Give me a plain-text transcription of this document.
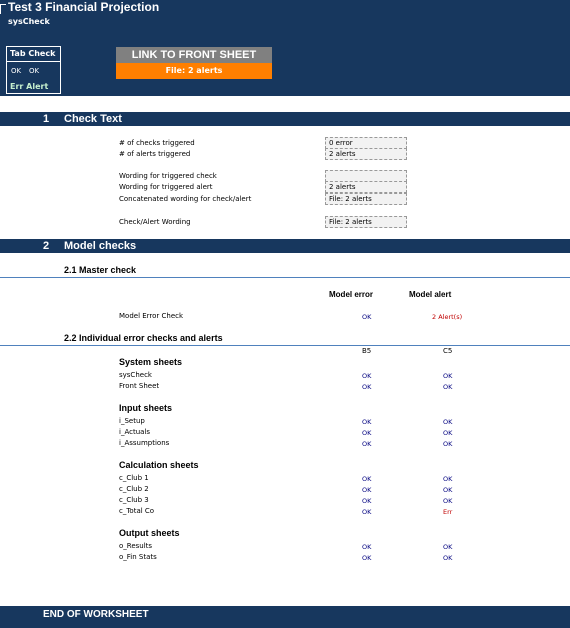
Test 3 Financial Projection
sysCheck
Tab Check
OK OK
Err Alert
LINK TO FRONT SHEET
File: 2 alerts
1 Check Text
# of checks triggered	0 error
# of alerts triggered	2 alerts
Wording for triggered check
Wording for triggered alert	2 alerts
Concatenated wording for check/alert	File: 2 alerts
Check/Alert Wording	File: 2 alerts
2 Model checks
2.1 Master check
Model error	Model alert
Model Error Check	OK	2 Alert(s)
2.2 Individual error checks and alerts
B5	C5
System sheets
sysCheck	OK	OK
Front Sheet	OK	OK
Input sheets
i_Setup	OK	OK
i_Actuals	OK	OK
i_Assumptions	OK	OK
Calculation sheets
c_Club 1	OK	OK
c_Club 2	OK	OK
c_Club 3	OK	OK
c_Total Co	OK	Err
Output sheets
o_Results	OK	OK
o_Fin Stats	OK	OK
END OF WORKSHEET
